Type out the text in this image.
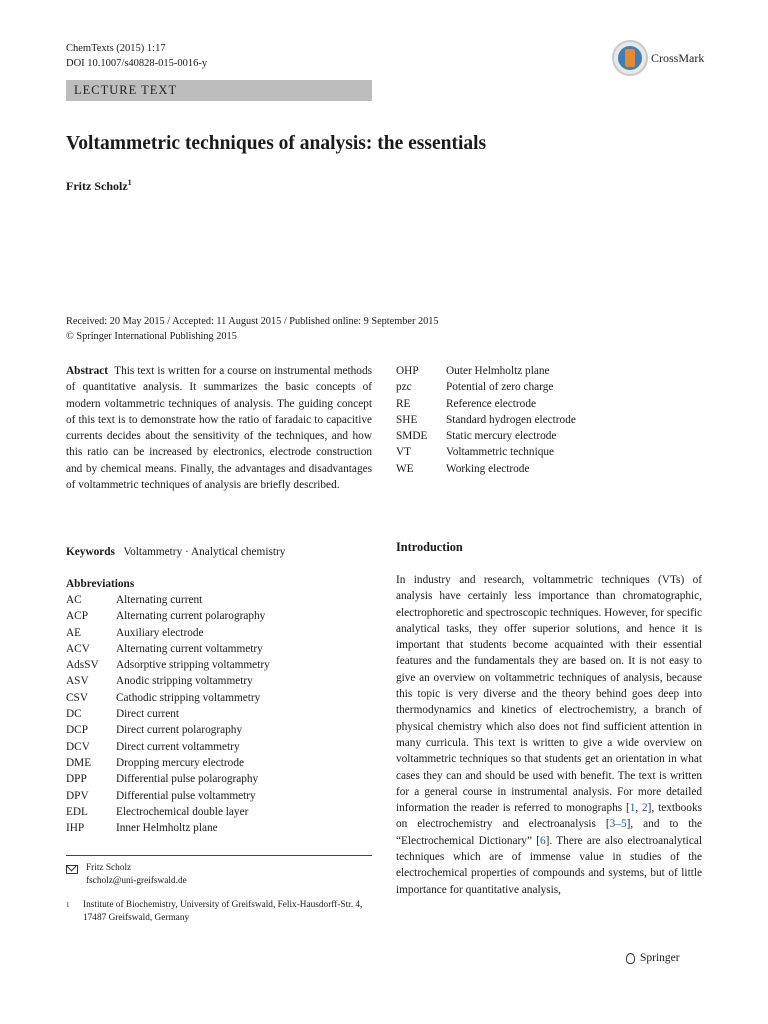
ChemTexts (2015) 1:17
DOI 10.1007/s40828-015-0016-y	CrossMark
LECTURE TEXT
Voltammetric techniques of analysis: the essentials
Fritz Scholz$^1$
Received: 20 May 2015 / Accepted: 11 August 2015 / Published online: 9 September 2015
© Springer International Publishing 2015
Abstract This text is written for a course on instrumental methods of quantitative analysis. It summarizes the basic concepts of modern voltammetric techniques of analysis. The guiding concept of this text is to demonstrate how the ratio of faradaic to capacitive currents decides about the sensitivity of the techniques, and how this ratio can be increased by electronics, electrode construction and by chemical means. Finally, the advantages and disadvantages of voltammetric techniques of analysis are briefly described.
Keywords Voltammetry · Analytical chemistry
Abbreviations
AC	Alternating current
ACP	Alternating current polarography
AE	Auxiliary electrode
ACV	Alternating current voltammetry
AdsSV	Adsorptive stripping voltammetry
ASV	Anodic stripping voltammetry
CSV	Cathodic stripping voltammetry
DC	Direct current
DCP	Direct current polarography
DCV	Direct current voltammetry
DME	Dropping mercury electrode
DPP	Differential pulse polarography
DPV	Differential pulse voltammetry
EDL	Electrochemical double layer
IHP	Inner Helmholtz plane
OHP	Outer Helmholtz plane
pzc	Potential of zero charge
RE	Reference electrode
SHE	Standard hydrogen electrode
SMDE	Static mercury electrode
VT	Voltammetric technique
WE	Working electrode
Fritz Scholz
fscholz@uni-greifswald.de
1	Institute of Biochemistry, University of Greifswald, Felix-Hausdorff-Str. 4, 17487 Greifswald, Germany
Introduction
In industry and research, voltammetric techniques (VTs) of analysis have certainly less importance than chromatographic, electrophoretic and spectroscopic techniques. However, for specific analytical tasks, they offer superior solutions, and hence it is important that students become acquainted with their essential features and the fundamentals they are based on. It is not easy to give an overview on voltammetric techniques of analysis, because this topic is very diverse and the theory behind goes deep into thermodynamics and kinetics of electrochemistry, a branch of physical chemistry which also does not find sufficient attention in many curricula. This text is written to give a wide overview on voltammetric techniques so that students get an orientation in what cases they can and should be used with benefit. The text is written for a general course in instrumental analysis. For more detailed information the reader is referred to monographs [1, 2], textbooks on electrochemistry and electroanalysis [3–5], and to the “Electrochemical Dictionary” [6]. There are also electroanalytical techniques which are of immense value in studies of the electrochemical properties of compounds and systems, but of little importance for quantitative analysis,
Springer
